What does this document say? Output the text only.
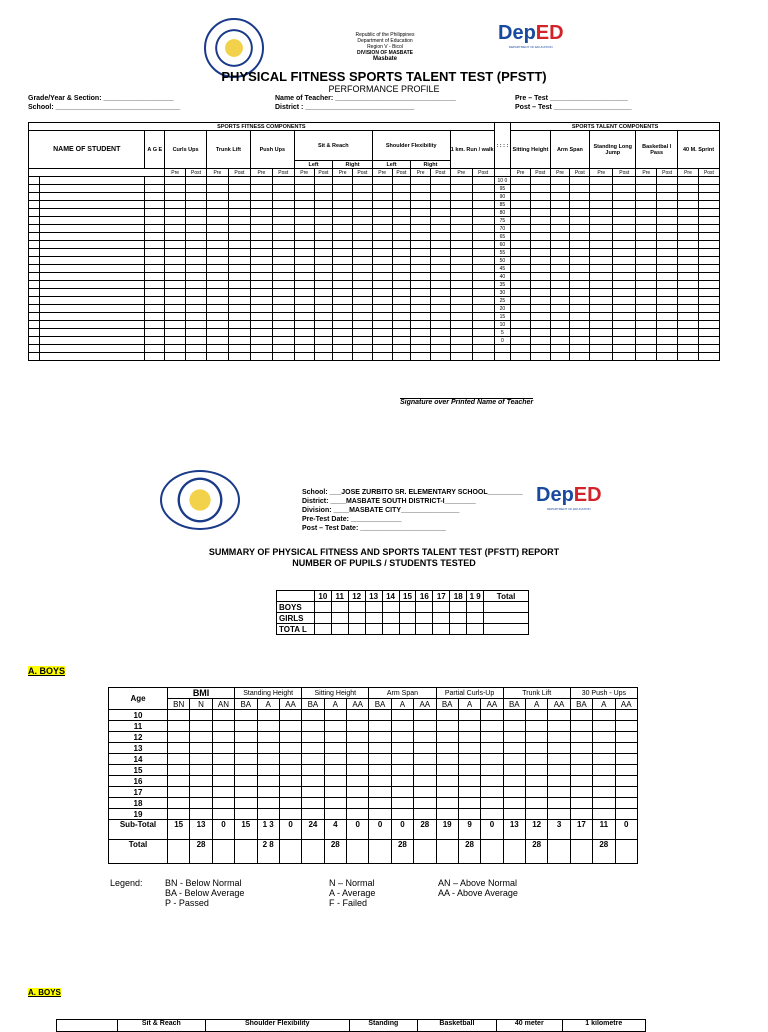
Republic of the Philippines
Department of Education
Region V - Bicol
DIVISION OF MASBATE
Masbate
DepED
DEPARTMENT OF EDUCATION
PHYSICAL FITNESS SPORTS TALENT TEST (PFSTT)
PERFORMANCE PROFILE
Grade/Year & Section: __________________
School: ________________________________
Name of Teacher: _______________________________
District : ____________________________
Pre – Test ____________________
Post – Test ____________________
SPORTS FITNESS COMPONENTS																			: : : :	SPORTS TALENT COMPONENTS									
NAME OF STUDENT		A G E	Curls Ups		Trunk Lift		Push Ups		Sit & Reach				Shoulder Flexibility				1 km. Run / walk			Sitting Height		Arm Span		Standing Long Jump		Basketbal l Pass		40 M. Sprint	
									Left		Right		Left		Right														
			Pre	Post	Pre	Post	Pre	Post	Pre	Post	Pre	Post	Pre	Post	Pre	Post	Pre	Post		Pre	Post	Pre	Post	Pre	Post	Pre	Post	Pre	Post
																			10 0										
																			95										
																			90										
																			85										
																			80										
																			75										
																			70										
																			65										
																			60										
																			55										
																			50										
																			45										
																			40										
																			35										
																			30										
																			25										
																			20										
																			15										
																			10										
																			5										
																			0										

Signature over Printed Name of Teacher
School: ___JOSE ZURBITO SR. ELEMENTARY SCHOOL_________
District: ____MASBATE SOUTH DISTRICT-I________
Division: ____MASBATE CITY_______________
Pre-Test Date: _____________
Post – Test Date: ______________________
DepED
DEPARTMENT OF EDUCATION
SUMMARY OF PHYSICAL FITNESS AND SPORTS TALENT TEST (PFSTT) REPORT
NUMBER OF PUPILS / STUDENTS TESTED
	10	11	12	13	14	15	16	17	18	1 9	Total
BOYS											
GIRLS											
TOTA L											
A. BOYS
Age	BMI			Standing Height			Sitting Height			Arm Span			Partial Curls-Up			Trunk Lift			30 Push - Ups		
	BN	N	AN	BA	A	AA	BA	A	AA	BA	A	AA	BA	A	AA	BA	A	AA	BA	A	AA
10																					
11																					
12																					
13																					
14																					
15																					
16																					
17																					
18																					
19																					
Sub-Total	15	13	0	15	1 3	0	24	4	0	0	0	28	19	9	0	13	12	3	17	11	0
Total		28			2 8			28			28			28			28			28	
Legend: BN - Below Normal
BA - Below Average
P - Passed
N – Normal
A - Average
F - Failed
AN – Above Normal
AA - Above Average
A. BOYS
	Sit & Reach	Shoulder Flexibility	Standing	Basketball	40 meter	1 kilometre
